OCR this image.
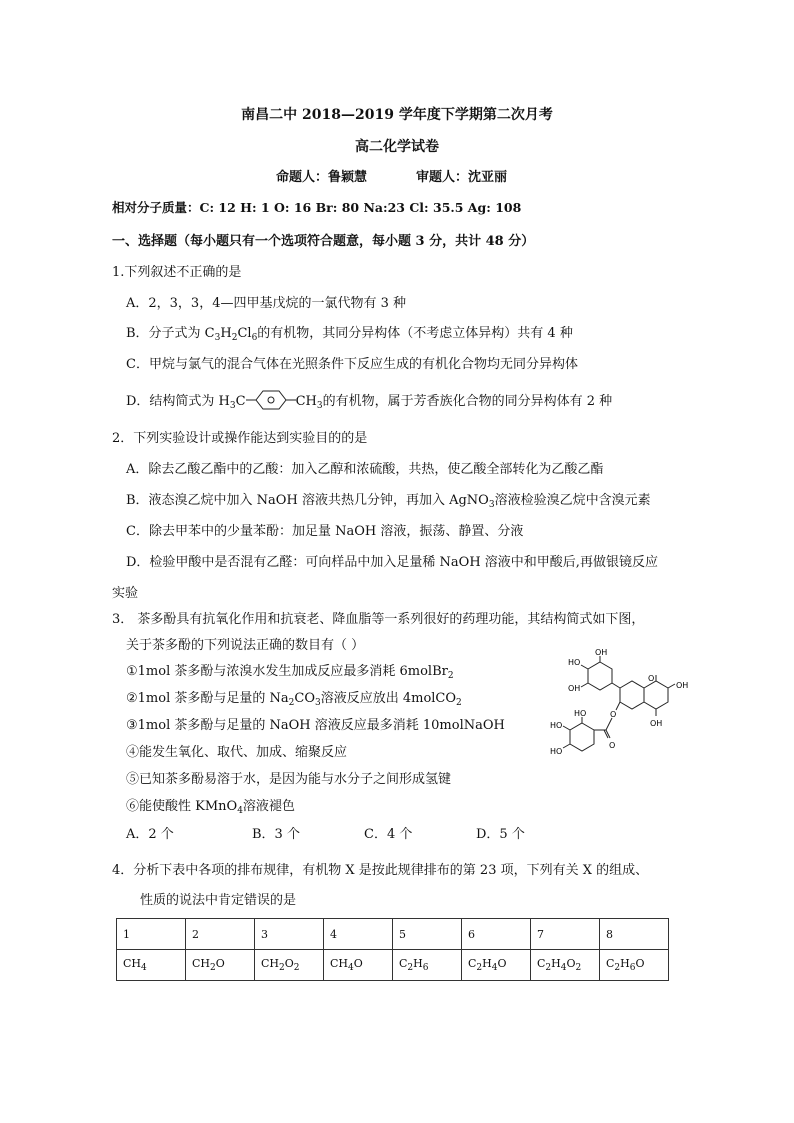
南昌二中 2018—2019 学年度下学期第二次月考
高二化学试卷
命题人：鲁颖慧	审题人：沈亚丽
相对分子质量：C: 12 H: 1 O: 16 Br: 80 Na:23 Cl: 35.5 Ag: 108
一、选择题（每小题只有一个选项符合题意，每小题 3 分，共计 48 分）
1.下列叙述不正确的是
A．2，3，3，4—四甲基戊烷的一氯代物有 3 种
B．分子式为 $C_3H_2Cl_6$的有机物，其同分异构体（不考虑立体异构）共有 4 种
C．甲烷与氯气的混合气体在光照条件下反应生成的有机化合物均无同分异构体
D．结构简式为 $H_3C$	$CH_3$的有机物，属于芳香族化合物的同分异构体有 2 种
2．下列实验设计或操作能达到实验目的的是
A．除去乙酸乙酯中的乙酸：加入乙醇和浓硫酸，共热，使乙酸全部转化为乙酸乙酯
B．液态溴乙烷中加入 NaOH 溶液共热几分钟，再加入 AgNO$_3$溶液检验溴乙烷中含溴元素
C．除去甲苯中的少量苯酚：加足量 NaOH 溶液，振荡、静置、分液
D．检验甲酸中是否混有乙醛：可向样品中加入足量稀 NaOH 溶液中和甲酸后,再做银镜反应
实验
3． 茶多酚具有抗氧化作用和抗衰老、降血脂等一系列很好的药理功能，其结构简式如下图，
关于茶多酚的下列说法正确的数目有（ ）
①1mol 茶多酚与浓溴水发生加成反应最多消耗 6molBr$_2$
②1mol 茶多酚与足量的 $Na_2CO_3$溶液反应放出 4molCO$_2$
③1mol 茶多酚与足量的 NaOH 溶液反应最多消耗 10molNaOH
④能发生氧化、取代、加成、缩聚反应
⑤已知茶多酚易溶于水，是因为能与水分子之间形成氢键
⑥能使酸性 KMnO$_4$溶液褪色
A．2 个	B．3 个	C．4 个	D．5 个
OH
HO
OH
O
OH
OH
O
O
HO
HO
HO
4．分析下表中各项的排布规律，有机物 X 是按此规律排布的第 23 项，下列有关 X 的组成、
性质的说法中肯定错误的是
1	2	3	4	5	6	7	8
$CH_4$	$CH_2O$	$CH_2O_2$	$CH_4O$	$C_2H_6$	$C_2H_4O$	$C_2H_4O_2$	$C_2H_6O$
